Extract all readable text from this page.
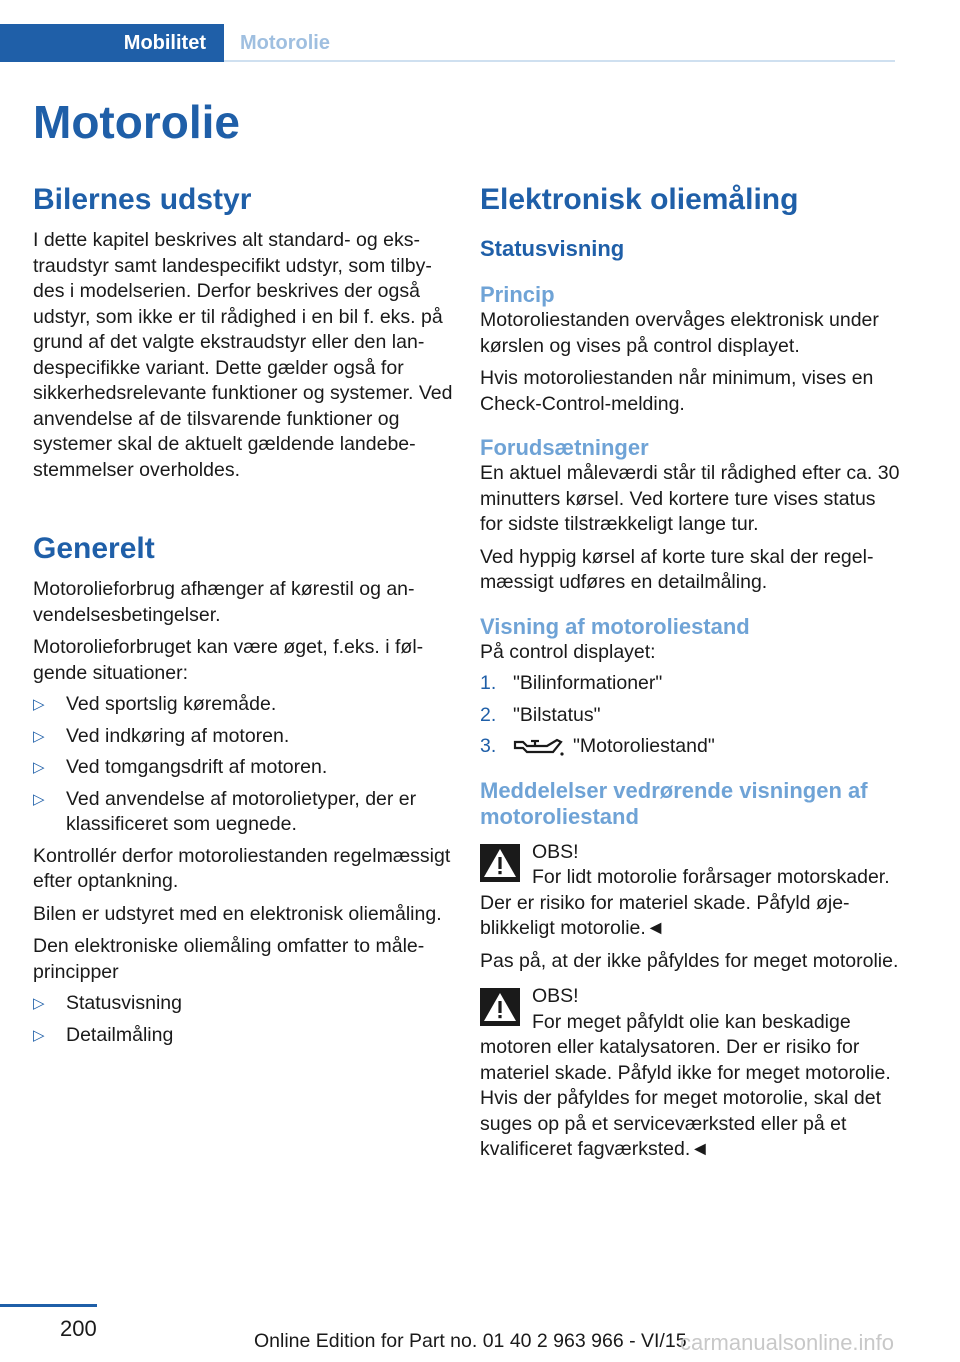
Mobilitet	Motorolie
Motorolie
Bilernes udstyr

I dette kapitel beskrives alt standard- og ekstraudstyr samt landespecifikt udstyr, som tilbydes i modelserien. Derfor beskrives der også udstyr, som ikke er til rådighed i en bil f. eks. på grund af det valgte ekstraudstyr eller den landespecifikke variant. Dette gælder også for sikkerhedsrelevante funktioner og systemer. Ved anvendelse af de tilsvarende funktioner og systemer skal de aktuelt gældende landebestemmelser overholdes.

Generelt

Motorolieforbrug afhænger af kørestil og anvendelsesbetingelser.

Motorolieforbruget kan være øget, f.eks. i følgende situationer:

▷ Ved sportslig køremåde.
▷ Ved indkøring af motoren.
▷ Ved tomgangsdrift af motoren.
▷ Ved anvendelse af motorolietyper, der er klassificeret som uegnede.

Kontrollér derfor motoroliestanden regelmæssigt efter optankning.

Bilen er udstyret med en elektronisk oliemåling.

Den elektroniske oliemåling omfatter to måleprincipper

▷ Statusvisning
▷ Detailmåling
Elektronisk oliemåling
Statusvisning
Princip

Motoroliestanden overvåges elektronisk under kørslen og vises på control displayet.

Hvis motoroliestanden når minimum, vises en Check-Control-melding.

Forudsætninger

En aktuel måleværdi står til rådighed efter ca. 30 minutters kørsel. Ved kortere ture vises status for sidste tilstrækkeligt lange tur.

Ved hyppig kørsel af korte ture skal der regelmæssigt udføres en detailmåling.

Visning af motoroliestand

På control displayet:

1. "Bilinformationer"
2. "Bilstatus"
3.	"Motoroliestand"
Meddelelser vedrørende visningen af motoroliestand

OBS!

For lidt motorolie forårsager motorskader. Der er risiko for materiel skade. Påfyld øjeblikkeligt motorolie.◄

Pas på, at der ikke påfyldes for meget motorolie.

OBS!

For meget påfyldt olie kan beskadige motoren eller katalysatoren. Der er risiko for materiel skade. Påfyld ikke for meget motorolie. Hvis der påfyldes for meget motorolie, skal det suges op på et serviceværksted eller på et kvalificeret fagværksted.◄

200	Online Edition for Part no. 01 40 2 963 966 - VI/15
carmanualsonline.info
